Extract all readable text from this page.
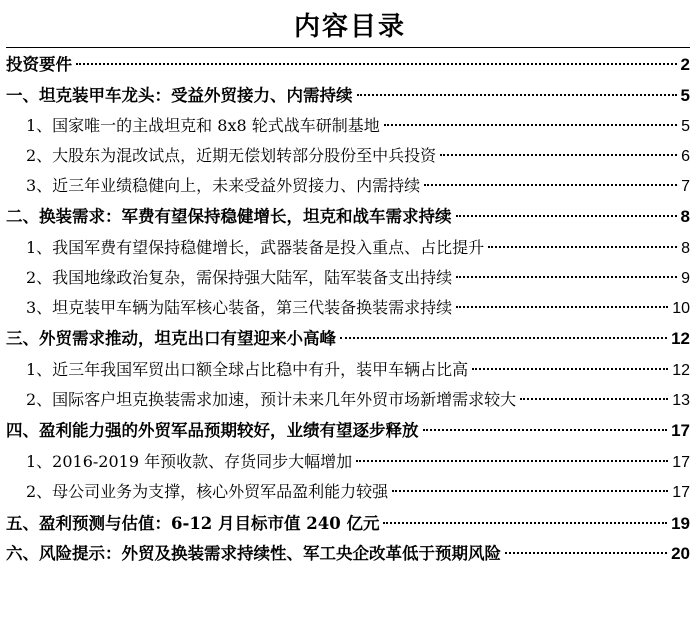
内容目录
投资要件	2
一、坦克装甲车龙头：受益外贸接力、内需持续	5
1、国家唯一的主战坦克和 8x8 轮式战车研制基地	5
2、大股东为混改试点，近期无偿划转部分股份至中兵投资	6
3、近三年业绩稳健向上，未来受益外贸接力、内需持续	7
二、换装需求：军费有望保持稳健增长，坦克和战车需求持续	8
1、我国军费有望保持稳健增长，武器装备是投入重点、占比提升	8
2、我国地缘政治复杂，需保持强大陆军，陆军装备支出持续	9
3、坦克装甲车辆为陆军核心装备，第三代装备换装需求持续	10
三、外贸需求推动，坦克出口有望迎来小高峰	12
1、近三年我国军贸出口额全球占比稳中有升，装甲车辆占比高	12
2、国际客户坦克换装需求加速，预计未来几年外贸市场新增需求较大	13
四、盈利能力强的外贸军品预期较好，业绩有望逐步释放	17
1、2016-2019 年预收款、存货同步大幅增加	17
2、母公司业务为支撑，核心外贸军品盈利能力较强	17
五、盈利预测与估值：6-12 月目标市值 240 亿元	19
六、风险提示：外贸及换装需求持续性、军工央企改革低于预期风险	20
